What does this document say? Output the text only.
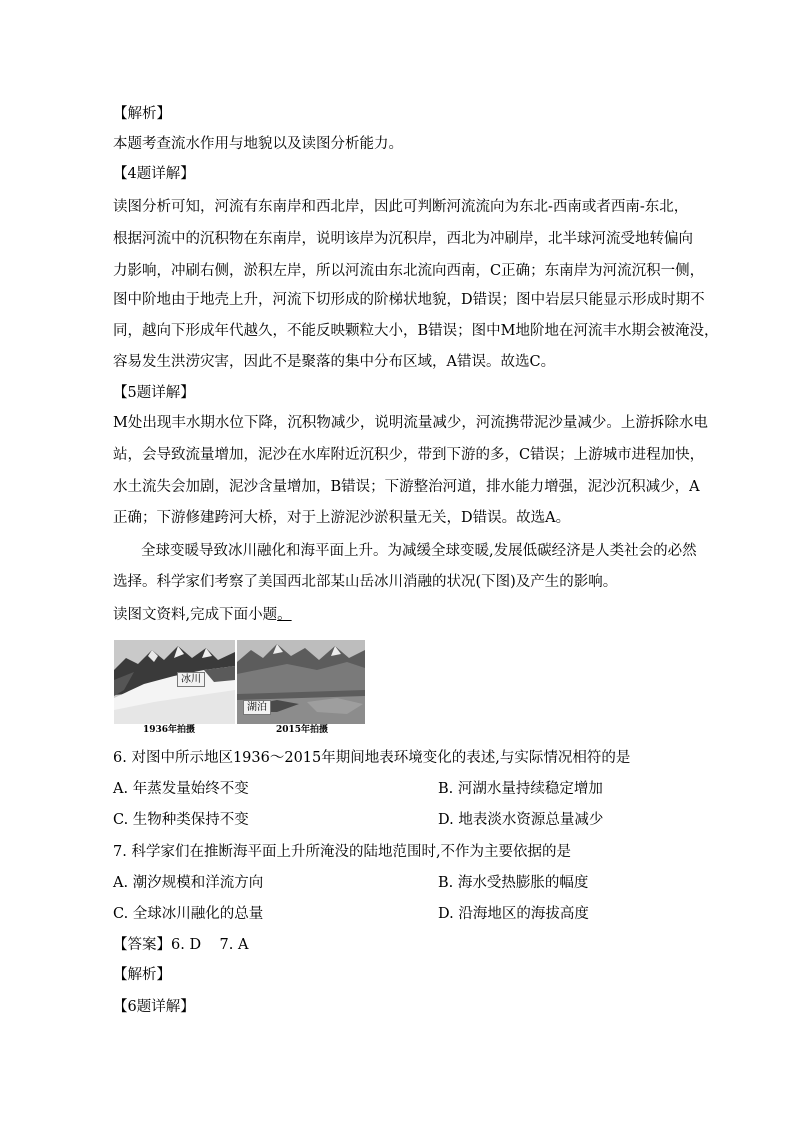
【解析】
本题考查流水作用与地貌以及读图分析能力。
【4题详解】
读图分析可知，河流有东南岸和西北岸，因此可判断河流流向为东北-西南或者西南-东北，
根据河流中的沉积物在东南岸，说明该岸为沉积岸，西北为冲刷岸，北半球河流受地转偏向
力影响，冲刷右侧，淤积左岸，所以河流由东北流向西南，C正确；东南岸为河流沉积一侧，
图中阶地由于地壳上升，河流下切形成的阶梯状地貌，D错误；图中岩层只能显示形成时期不
同，越向下形成年代越久，不能反映颗粒大小，B错误；图中M地阶地在河流丰水期会被淹没，
容易发生洪涝灾害，因此不是聚落的集中分布区域，A错误。故选C。
【5题详解】
M处出现丰水期水位下降，沉积物减少，说明流量减少，河流携带泥沙量减少。上游拆除水电
站，会导致流量增加，泥沙在水库附近沉积少，带到下游的多，C错误；上游城市进程加快，
水土流失会加剧，泥沙含量增加，B错误；下游整治河道，排水能力增强，泥沙沉积减少，A
正确；下游修建跨河大桥，对于上游泥沙淤积量无关，D错误。故选A。
全球变暖导致冰川融化和海平面上升。为减缓全球变暖,发展低碳经济是人类社会的必然
选择。科学家们考察了美国西北部某山岳冰川消融的状况(下图)及产生的影响。
读图文资料,完成下面小题。
冰川
1936年拍摄
湖泊
2015年拍摄
6. 对图中所示地区1936～2015年期间地表环境变化的表述,与实际情况相符的是
A. 年蒸发量始终不变	B. 河湖水量持续稳定增加
C. 生物种类保持不变	D. 地表淡水资源总量减少
7. 科学家们在推断海平面上升所淹没的陆地范围时,不作为主要依据的是
A. 潮汐规模和洋流方向	B. 海水受热膨胀的幅度
C. 全球冰川融化的总量	D. 沿海地区的海拔高度
【答案】6. D    7. A
【解析】
【6题详解】
